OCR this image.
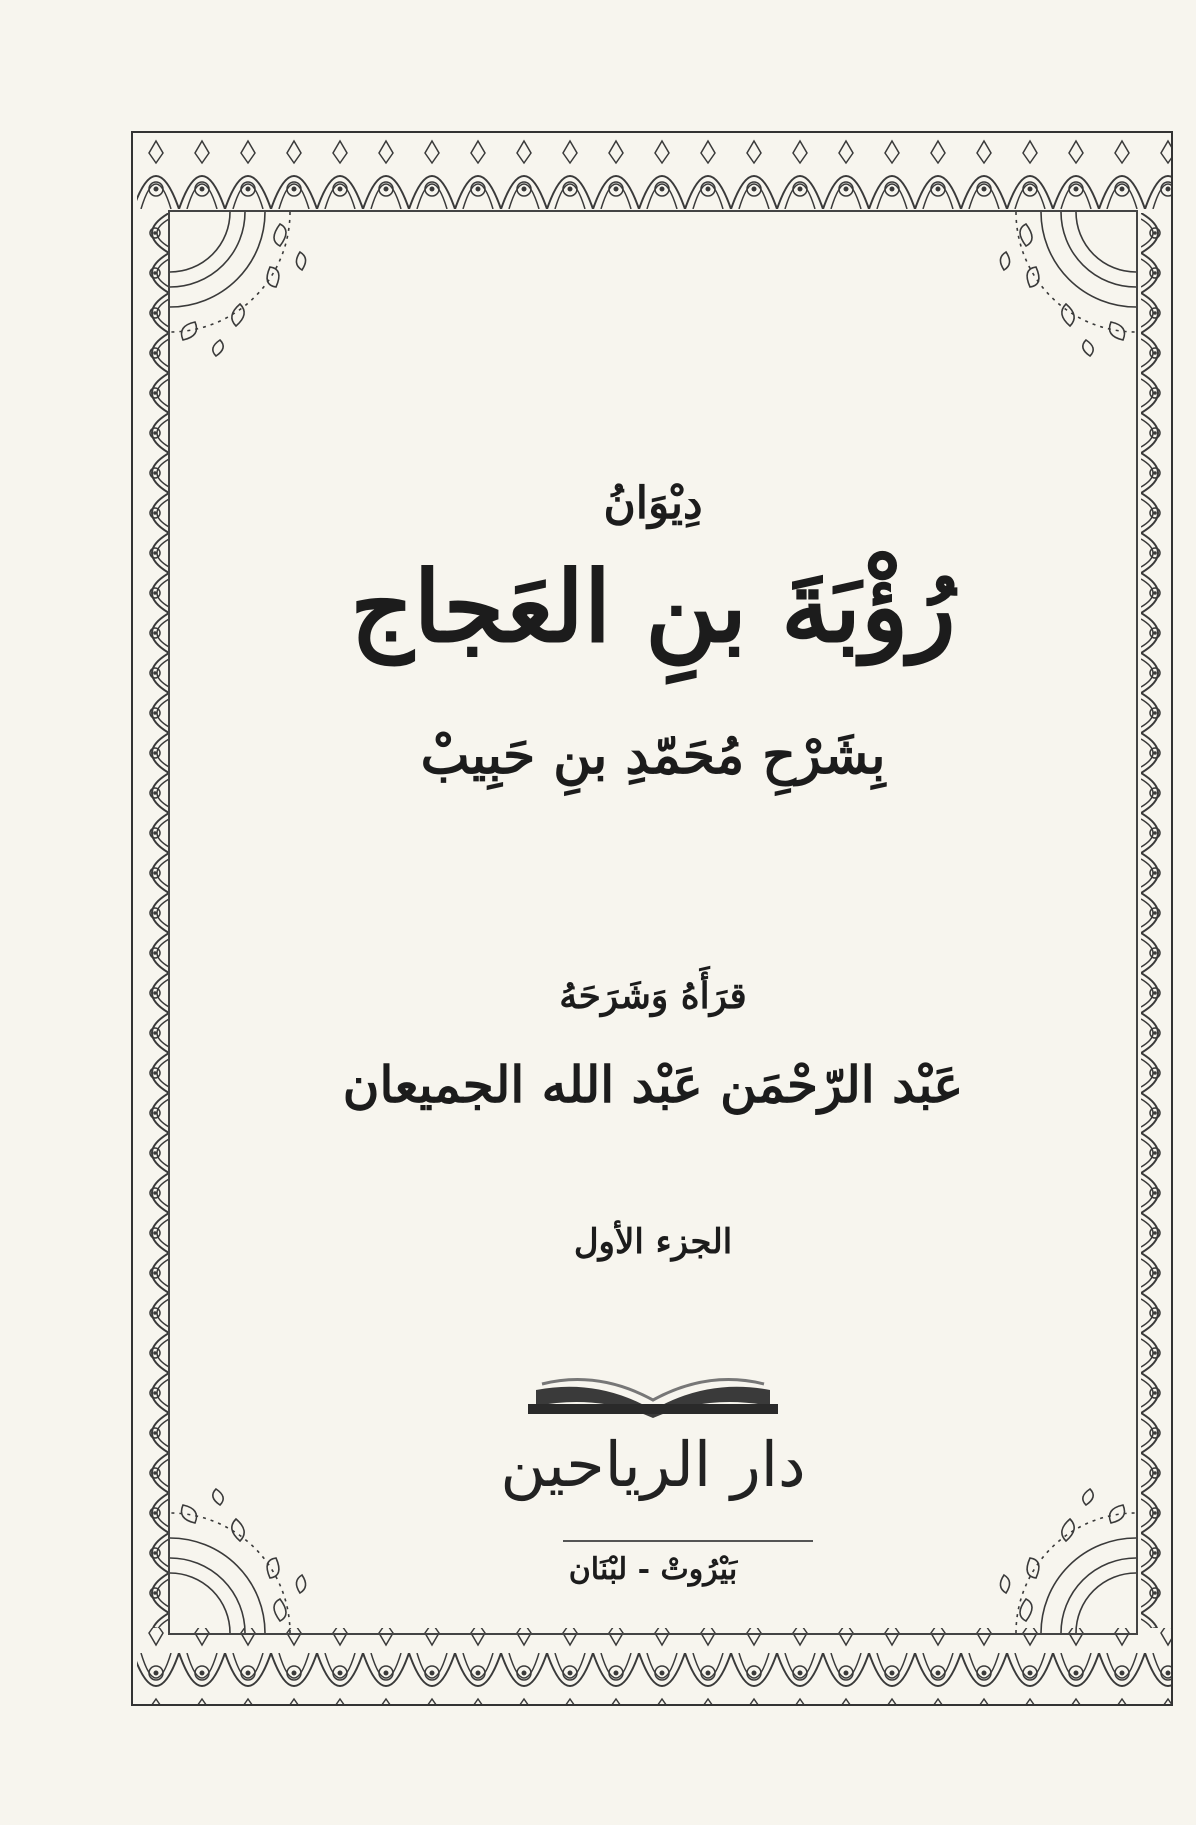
دِيْوَانُ
رُؤْبَةَ بنِ العَجاج
بِشَرْحِ مُحَمّدِ بنِ حَبِيبْ
قرَأَهُ وَشَرَحَهُ
عَبْد الرّحْمَن عَبْد الله الجميعان
الجزء الأول
دار الرياحين
بَيْرُوتْ - لبْنَان
